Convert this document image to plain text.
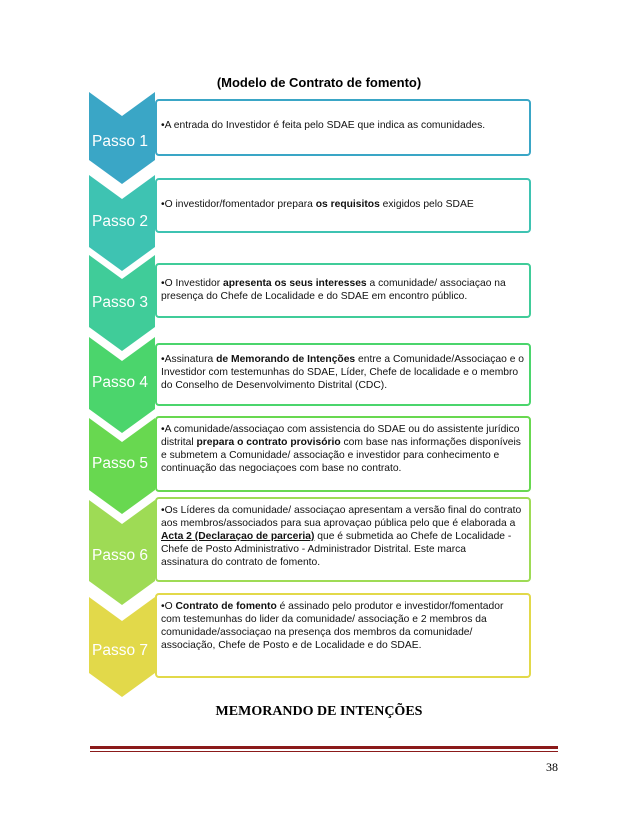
(Modelo de Contrato de fomento)
Passo 1
•A entrada do Investidor é feita pelo SDAE que indica as comunidades.
Passo 2
•O investidor/fomentador prepara os requisitos exigidos pelo SDAE
Passo 3
•O Investidor apresenta os seus interesses a comunidade/ associaçao na
presença do Chefe de Localidade e do SDAE em encontro público.
Passo 4
•Assinatura de Memorando de Intenções entre a Comunidade/Associaçao e o
Investidor com testemunhas do SDAE, Líder, Chefe de localidade e o membro
do Conselho de Desenvolvimento Distrital (CDC).
Passo 5
•A comunidade/associaçao com assistencia do SDAE ou do assistente jurídico
distrital prepara o contrato provisório com base nas informações disponíveis
e submetem a Comunidade/ associação e investidor para conhecimento e
continuação das negociaçoes com base no contrato.
Passo 6
•Os Líderes da comunidade/ associaçao apresentam a versão final do contrato
aos membros/associados para sua aprovaçao pública pelo que é elaborada a
Acta 2 (Declaraçao de parceria) que é submetida ao Chefe de Localidade -
Chefe de Posto Administrativo - Administrador Distrital. Este marca
assinatura do contrato de fomento.
Passo 7
•O Contrato de fomento é assinado pelo produtor e investidor/fomentador
com testemunhas do lider da comunidade/ associação e 2 membros da
comunidade/associaçao na presença dos membros da comunidade/
associação, Chefe de Posto e de Localidade e do SDAE.
MEMORANDO DE INTENÇÕES
38
